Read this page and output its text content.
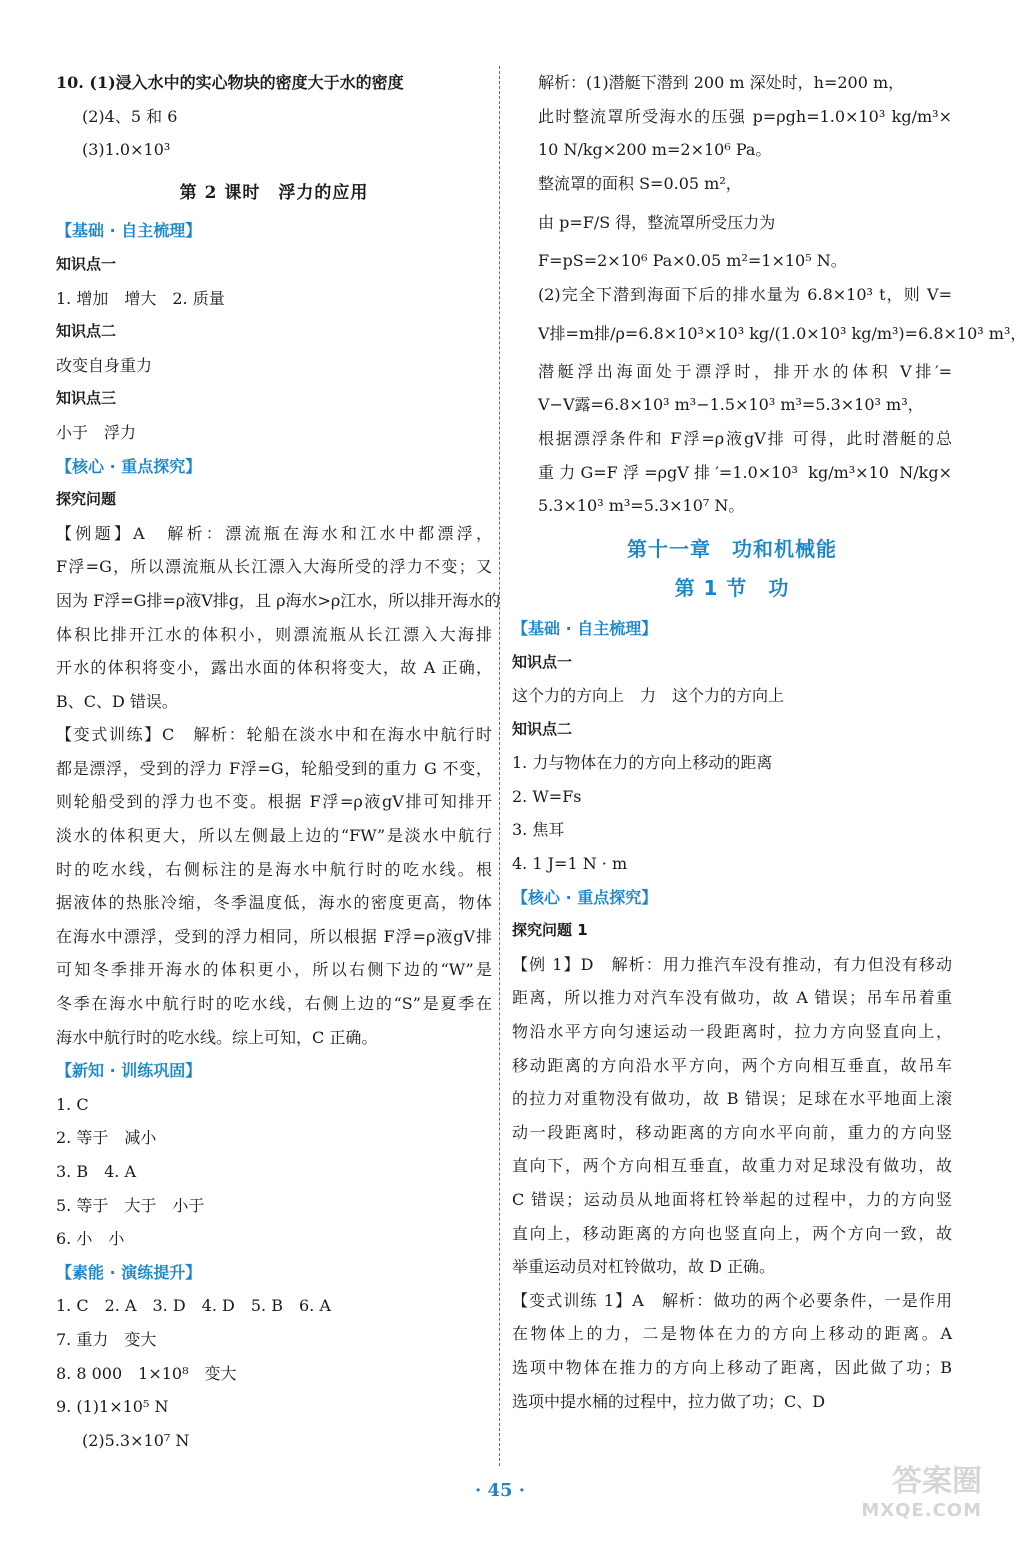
10. (1)浸入水中的实心物块的密度大于水的密度
(2)4、5 和 6
(3)1.0×10³
第 2 课时　浮力的应用
【基础 · 自主梳理】
知识点一
1. 增加　增大　2. 质量
知识点二
改变自身重力
知识点三
小于　浮力
【核心 · 重点探究】
探究问题
【例题】A　解析：漂流瓶在海水和江水中都漂浮，
F浮=G，所以漂流瓶从长江漂入大海所受的浮力不变；又
因为 F浮=G排=ρ液V排g，且 ρ海水>ρ江水，所以排开海水的
体积比排开江水的体积小，则漂流瓶从长江漂入大海排
开水的体积将变小，露出水面的体积将变大，故 A 正确，
B、C、D 错误。
【变式训练】C　解析：轮船在淡水中和在海水中航行时
都是漂浮，受到的浮力 F浮=G，轮船受到的重力 G 不变，
则轮船受到的浮力也不变。根据 F浮=ρ液gV排可知排开
淡水的体积更大，所以左侧最上边的“FW”是淡水中航行
时的吃水线，右侧标注的是海水中航行时的吃水线。根
据液体的热胀冷缩，冬季温度低，海水的密度更高，物体
在海水中漂浮，受到的浮力相同，所以根据 F浮=ρ液gV排
可知冬季排开海水的体积更小，所以右侧下边的“W”是
冬季在海水中航行时的吃水线，右侧上边的“S”是夏季在
海水中航行时的吃水线。综上可知，C 正确。
【新知 · 训练巩固】
1. C
2. 等于　减小
3. B　4. A
5. 等于　大于　小于
6. 小　小
【素能 · 演练提升】
1. C　2. A　3. D　4. D　5. B　6. A
7. 重力　变大
8. 8 000　1×10⁸　变大
9. (1)1×10⁵ N
(2)5.3×10⁷ N
解析：(1)潜艇下潜到 200 m 深处时，h=200 m，
此时整流罩所受海水的压强 p=ρgh=1.0×10³ kg/m³×
10 N/kg×200 m=2×10⁶ Pa。
整流罩的面积 S=0.05 m²，
由 p=F/S 得，整流罩所受压力为
F=pS=2×10⁶ Pa×0.05 m²=1×10⁵ N。
(2)完全下潜到海面下后的排水量为 6.8×10³ t，则 V=
V排=m排/ρ=6.8×10³×10³ kg/(1.0×10³ kg/m³)=6.8×10³ m³，
潜艇浮出海面处于漂浮时，排开水的体积 V排′=
V−V露=6.8×10³ m³−1.5×10³ m³=5.3×10³ m³，
根据漂浮条件和 F浮=ρ液gV排 可得，此时潜艇的总
重力G=F浮=ρgV排′=1.0×10³ kg/m³×10 N/kg×
5.3×10³ m³=5.3×10⁷ N。
第十一章　功和机械能
第 1 节　功
【基础 · 自主梳理】
知识点一
这个力的方向上　力　这个力的方向上
知识点二
1. 力与物体在力的方向上移动的距离
2. W=Fs
3. 焦耳
4. 1 J=1 N · m
【核心 · 重点探究】
探究问题 1
【例 1】D　解析：用力推汽车没有推动，有力但没有移动
距离，所以推力对汽车没有做功，故 A 错误；吊车吊着重
物沿水平方向匀速运动一段距离时，拉力方向竖直向上，
移动距离的方向沿水平方向，两个方向相互垂直，故吊车
的拉力对重物没有做功，故 B 错误；足球在水平地面上滚
动一段距离时，移动距离的方向水平向前，重力的方向竖
直向下，两个方向相互垂直，故重力对足球没有做功，故
C 错误；运动员从地面将杠铃举起的过程中，力的方向竖
直向上，移动距离的方向也竖直向上，两个方向一致，故
举重运动员对杠铃做功，故 D 正确。
【变式训练 1】A　解析：做功的两个必要条件，一是作用
在物体上的力，二是物体在力的方向上移动的距离。A
选项中物体在推力的方向上移动了距离，因此做了功；B
选项中提水桶的过程中，拉力做了功；C、D
· 45 ·	答案圈
MXQE.COM
